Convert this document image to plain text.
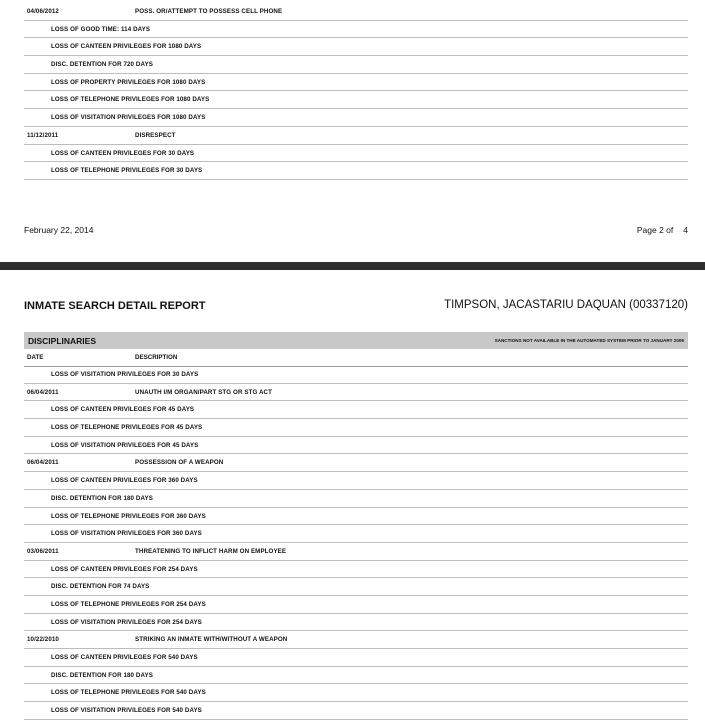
04/06/2012	POSS. OR/ATTEMPT TO POSSESS CELL PHONE
LOSS OF GOOD TIME: 114 DAYS
LOSS OF CANTEEN PRIVILEGES FOR 1080 DAYS
DISC. DETENTION FOR 720 DAYS
LOSS OF PROPERTY PRIVILEGES FOR 1080 DAYS
LOSS OF TELEPHONE PRIVILEGES FOR 1080 DAYS
LOSS OF VISITATION PRIVILEGES FOR 1080 DAYS
11/12/2011	DISRESPECT
LOSS OF CANTEEN PRIVILEGES FOR 30 DAYS
LOSS OF TELEPHONE PRIVILEGES FOR 30 DAYS
February 22, 2014	Page 2 of 4
INMATE SEARCH DETAIL REPORT	TIMPSON, JACASTARIU DAQUAN (00337120)
DISCIPLINARIES	SANCTIONS NOT AVAILABLE IN THE AUTOMATED SYSTEM PRIOR TO JANUARY 2009
DATE	DESCRIPTION
LOSS OF VISITATION PRIVILEGES FOR 30 DAYS
06/04/2011	UNAUTH I/M ORGAN/PART STG OR STG ACT
LOSS OF CANTEEN PRIVILEGES FOR 45 DAYS
LOSS OF TELEPHONE PRIVILEGES FOR 45 DAYS
LOSS OF VISITATION PRIVILEGES FOR 45 DAYS
06/04/2011	POSSESSION OF A WEAPON
LOSS OF CANTEEN PRIVILEGES FOR 360 DAYS
DISC. DETENTION FOR 180 DAYS
LOSS OF TELEPHONE PRIVILEGES FOR 360 DAYS
LOSS OF VISITATION PRIVILEGES FOR 360 DAYS
03/06/2011	THREATENING TO INFLICT HARM ON EMPLOYEE
LOSS OF CANTEEN PRIVILEGES FOR 254 DAYS
DISC. DETENTION FOR 74 DAYS
LOSS OF TELEPHONE PRIVILEGES FOR 254 DAYS
LOSS OF VISITATION PRIVILEGES FOR 254 DAYS
10/22/2010	STRIKING AN INMATE WITH/WITHOUT A WEAPON
LOSS OF CANTEEN PRIVILEGES FOR 540 DAYS
DISC. DETENTION FOR 180 DAYS
LOSS OF TELEPHONE PRIVILEGES FOR 540 DAYS
LOSS OF VISITATION PRIVILEGES FOR 540 DAYS
